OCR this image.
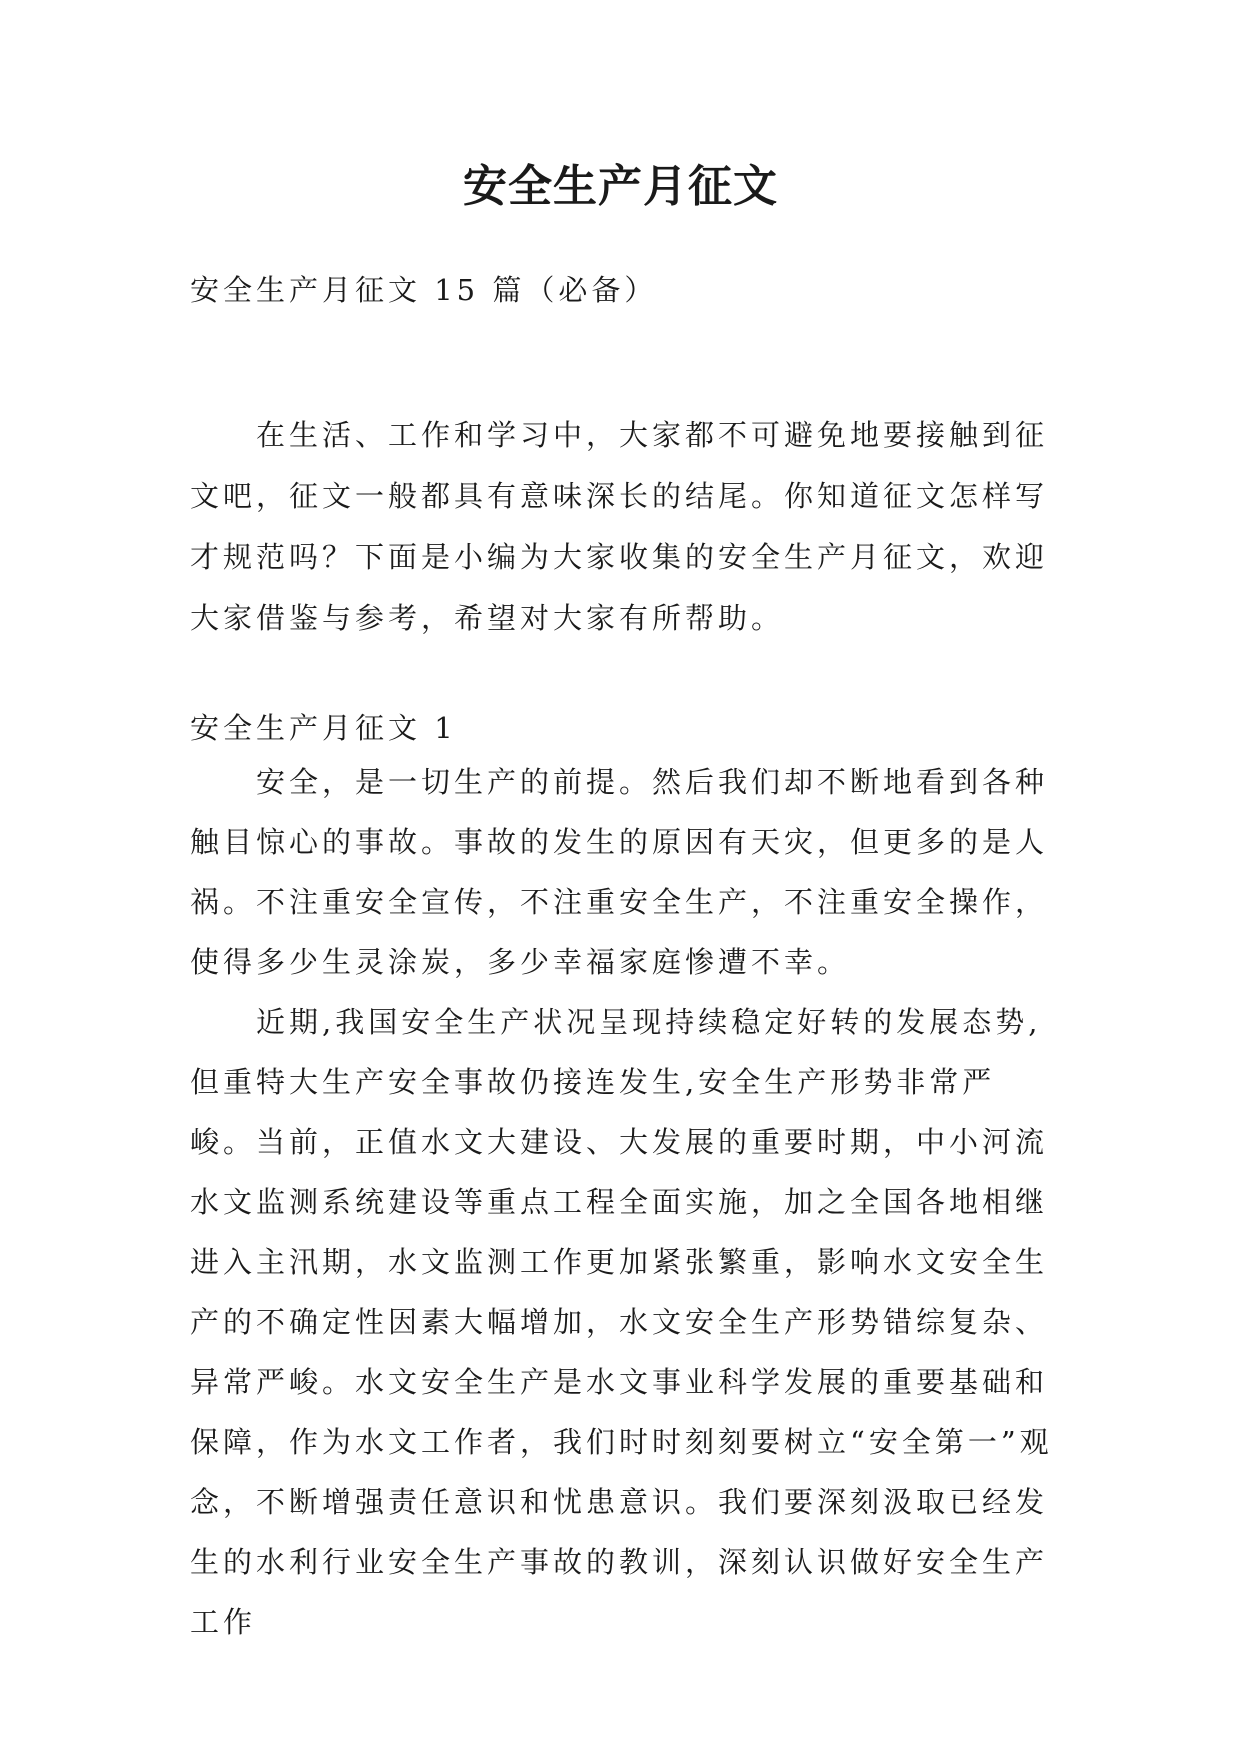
安全生产月征文

安全生产月征文 15 篇（必备）

在生活、工作和学习中，大家都不可避免地要接触到征文吧，征文一般都具有意味深长的结尾。你知道征文怎样写才规范吗？下面是小编为大家收集的安全生产月征文，欢迎大家借鉴与参考，希望对大家有所帮助。

安全生产月征文 1

安全，是一切生产的前提。然后我们却不断地看到各种触目惊心的事故。事故的发生的原因有天灾，但更多的是人祸。不注重安全宣传，不注重安全生产，不注重安全操作，使得多少生灵涂炭，多少幸福家庭惨遭不幸。

近期,我国安全生产状况呈现持续稳定好转的发展态势,但重特大生产安全事故仍接连发生,安全生产形势非常严峻。当前，正值水文大建设、大发展的重要时期，中小河流水文监测系统建设等重点工程全面实施，加之全国各地相继进入主汛期，水文监测工作更加紧张繁重，影响水文安全生产的不确定性因素大幅增加，水文安全生产形势错综复杂、异常严峻。水文安全生产是水文事业科学发展的重要基础和保障，作为水文工作者，我们时时刻刻要树立“安全第一”观念，不断增强责任意识和忧患意识。我们要深刻汲取已经发生的水利行业安全生产事故的教训，深刻认识做好安全生产工作
